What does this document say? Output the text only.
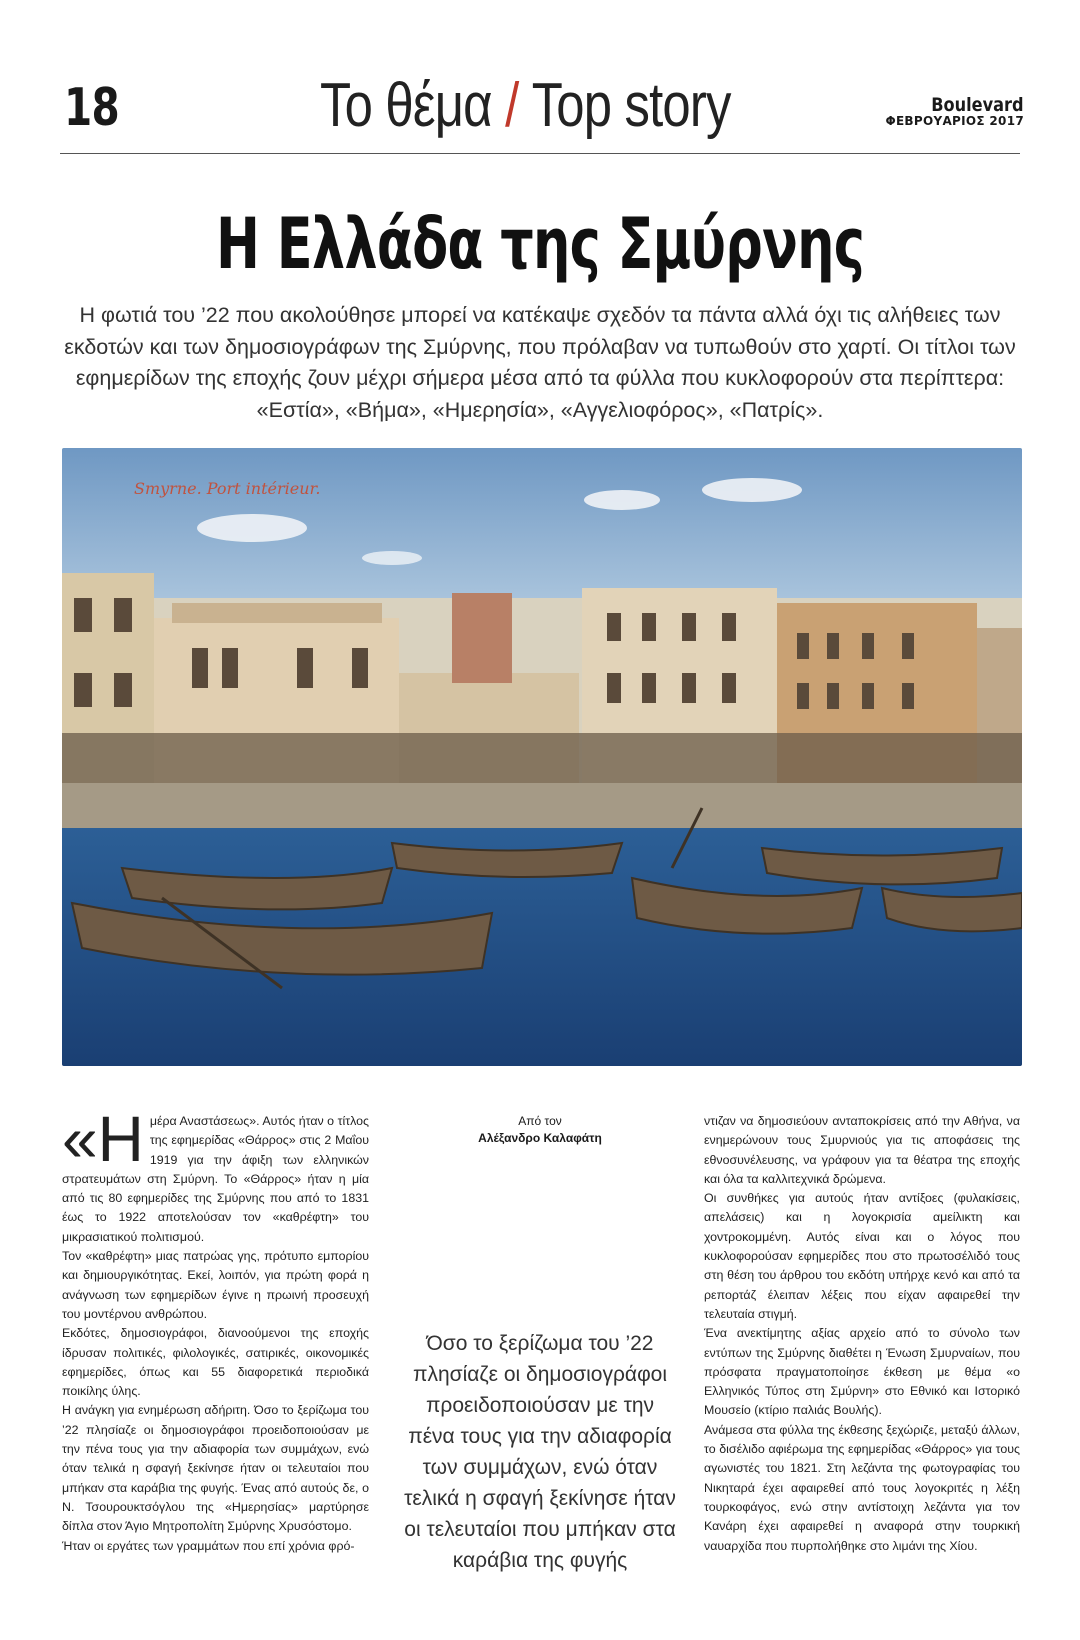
18	Το θέμα / Top story	Boulevard
ΦΕΒΡΟΥΑΡΙΟΣ 2017
Η Ελλάδα της Σμύρνης
Η φωτιά του ’22 που ακολούθησε μπορεί να κατέκαψε σχεδόν τα πάντα αλλά όχι τις αλήθειες των εκδοτών και των δημοσιογράφων της Σμύρνης, που πρόλαβαν να τυπωθούν στο χαρτί. Οι τίτλοι των εφημερίδων της εποχής ζουν μέχρι σήμερα μέσα από τα φύλλα που κυκλοφορούν στα περίπτερα: «Εστία», «Βήμα», «Ημερησία», «Αγγελιοφόρος», «Πατρίς».
Smyrne. Port intérieur.
«Η μέρα Αναστάσεως». Αυτός ήταν ο τίτλος της εφημερίδας «Θάρρος» στις 2 Μαΐου 1919 για την άφιξη των ελληνικών στρατευμάτων στη Σμύρνη. Το «Θάρρος» ήταν η μία από τις 80 εφημερίδες της Σμύρνης που από το 1831 έως το 1922 αποτελούσαν τον «καθρέφτη» του μικρασιατικού πολιτισμού.

Τον «καθρέφτη» μιας πατρώας γης, πρότυπο εμπορίου και δημιουργικότητας. Εκεί, λοιπόν, για πρώτη φορά η ανάγνωση των εφημερίδων έγινε η πρωινή προσευχή του μοντέρνου ανθρώπου.

Εκδότες, δημοσιογράφοι, διανοούμενοι της εποχής ίδρυσαν πολιτικές, φιλολογικές, σατιρικές, οικονομικές εφημερίδες, όπως και 55 διαφορετικά περιοδικά ποικίλης ύλης.

Η ανάγκη για ενημέρωση αδήριτη. Όσο το ξερίζωμα του ’22 πλησίαζε οι δημοσιογράφοι προειδοποιούσαν με την πένα τους για την αδιαφορία των συμμάχων, ενώ όταν τελικά η σφαγή ξεκίνησε ήταν οι τελευταίοι που μπήκαν στα καράβια της φυγής. Ένας από αυτούς δε, ο Ν. Τσουρουκτσόγλου της «Ημερησίας» μαρτύρησε δίπλα στον Άγιο Μητροπολίτη Σμύρνης Χρυσόστομο.

Ήταν οι εργάτες των γραμμάτων που επί χρόνια φρό-

Από τον
Αλέξανδρο Καλαφάτη
Όσο το ξερίζωμα του ’22 πλησίαζε οι δημοσιογράφοι προειδοποιούσαν με την πένα τους για την αδιαφορία των συμμάχων, ενώ όταν τελικά η σφαγή ξεκίνησε ήταν οι τελευταίοι που μπήκαν στα καράβια της φυγής

ντιζαν να δημοσιεύουν ανταποκρίσεις από την Αθήνα, να ενημερώνουν τους Σμυρνιούς για τις αποφάσεις της εθνοσυνέλευσης, να γράφουν για τα θέατρα της εποχής και όλα τα καλλιτεχνικά δρώμενα.

Οι συνθήκες για αυτούς ήταν αντίξοες (φυλακίσεις, απελάσεις) και η λογοκρισία αμείλικτη και χοντροκομμένη. Αυτός είναι και ο λόγος που κυκλοφορούσαν εφημερίδες που στο πρωτοσέλιδό τους στη θέση του άρθρου του εκδότη υπήρχε κενό και από τα ρεπορτάζ έλειπαν λέξεις που είχαν αφαιρεθεί την τελευταία στιγμή.

Ένα ανεκτίμητης αξίας αρχείο από το σύνολο των εντύπων της Σμύρνης διαθέτει η Ένωση Σμυρναίων, που πρόσφατα πραγματοποίησε έκθεση με θέμα «ο Ελληνικός Τύπος στη Σμύρνη» στο Εθνικό και Ιστορικό Μουσείο (κτίριο παλιάς Βουλής).

Ανάμεσα στα φύλλα της έκθεσης ξεχώριζε, μεταξύ άλλων, το δισέλιδο αφιέρωμα της εφημερίδας «Θάρρος» για τους αγωνιστές του 1821. Στη λεζάντα της φωτογραφίας του Νικηταρά έχει αφαιρεθεί από τους λογοκριτές η λέξη τουρκοφάγος, ενώ στην αντίστοιχη λεζάντα για τον Κανάρη έχει αφαιρεθεί η αναφορά στην τουρκική ναυαρχίδα που πυρπολήθηκε στο λιμάνι της Χίου.
